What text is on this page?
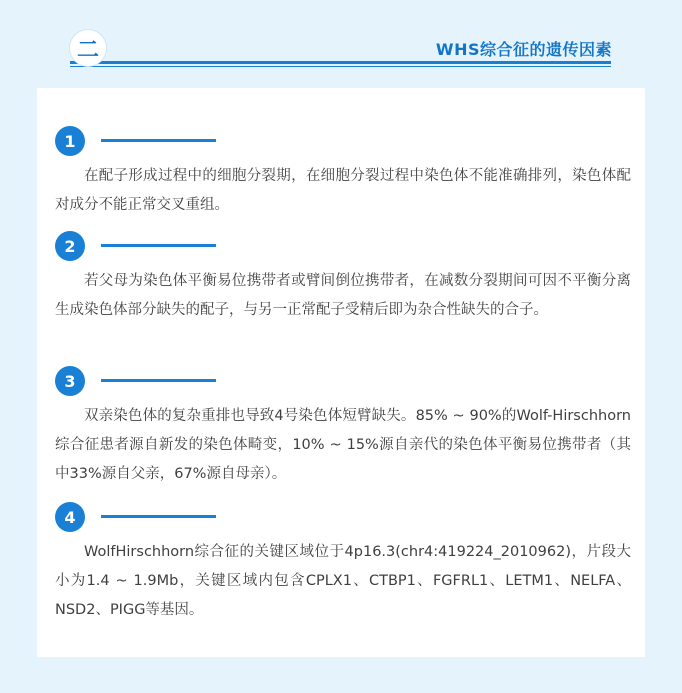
二	WHS综合征的遗传因素
1

在配子形成过程中的细胞分裂期，在细胞分裂过程中染色体不能准确排列，染色体配对成分不能正常交叉重组。

2

若父母为染色体平衡易位携带者或臂间倒位携带者，在减数分裂期间可因不平衡分离生成染色体部分缺失的配子，与另一正常配子受精后即为杂合性缺失的合子。

3

双亲染色体的复杂重排也导致4号染色体短臂缺失。85% ~ 90%的Wolf-Hirschhorn综合征患者源自新发的染色体畸变，10% ~ 15%源自亲代的染色体平衡易位携带者（其中33%源自父亲，67%源自母亲）。

4

WolfHirschhorn综合征的关键区域位于4p16.3(chr4:419224_2010962)，片段大小为1.4 ~ 1.9Mb，关键区域内包含CPLX1、CTBP1、FGFRL1、LETM1、NELFA、NSD2、PIGG等基因。
